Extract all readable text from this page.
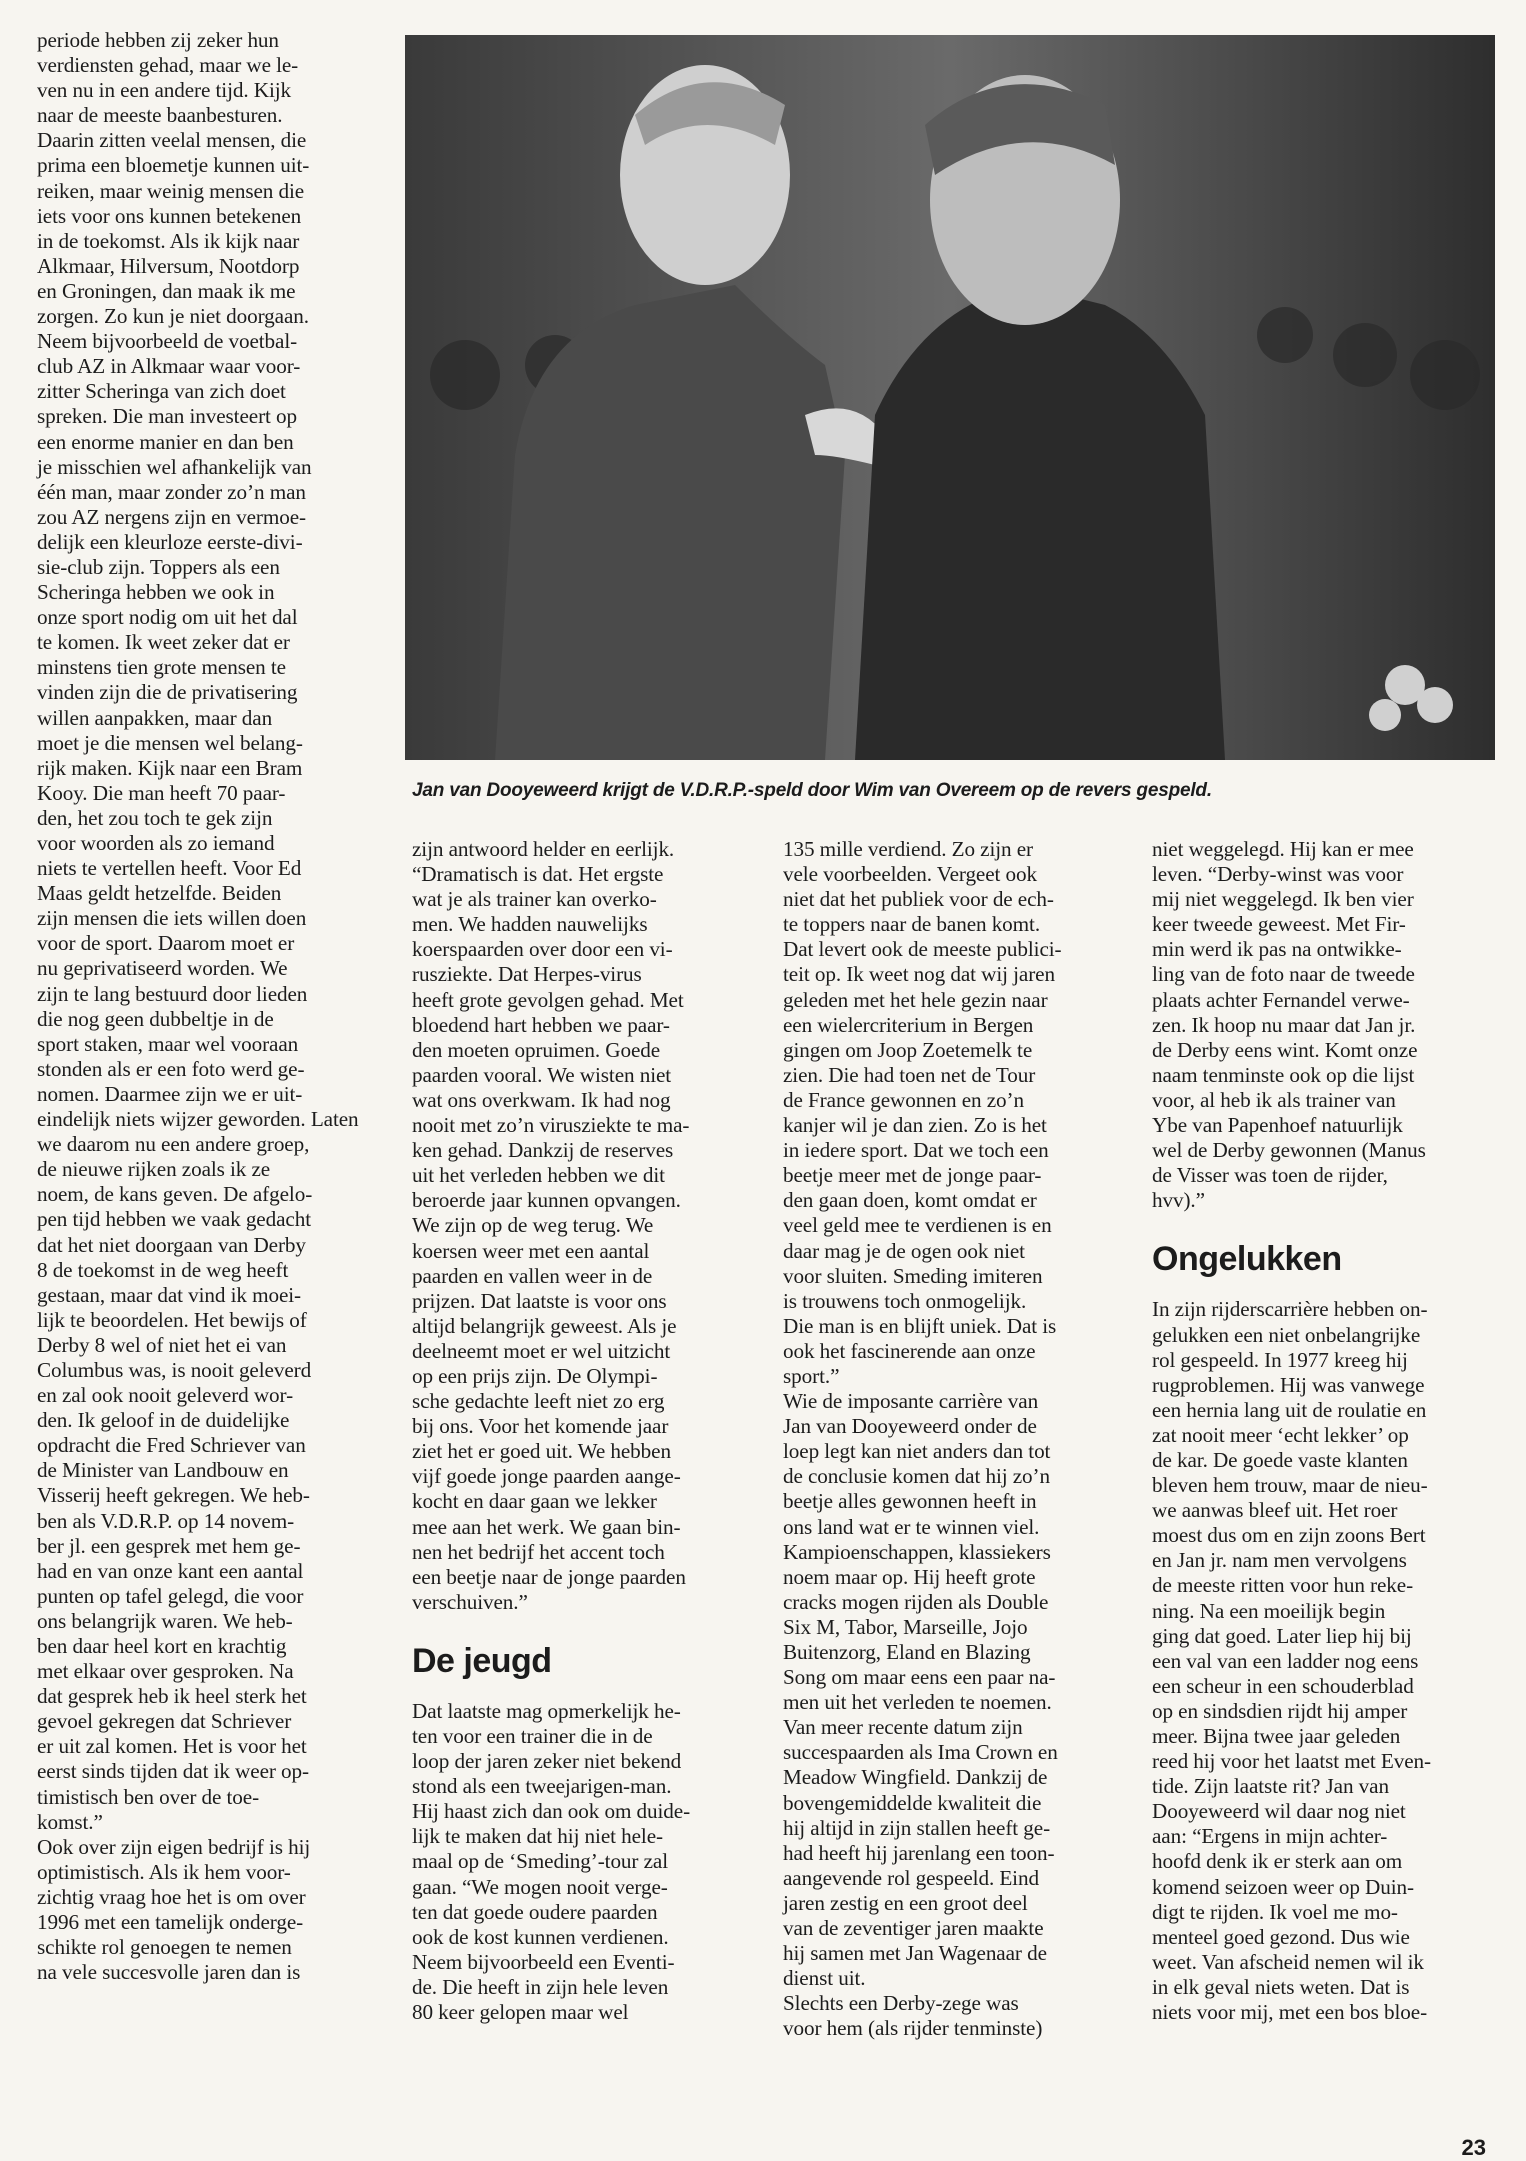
periode hebben zij zeker hun

verdiensten gehad, maar we le-

ven nu in een andere tijd. Kijk

naar de meeste baanbesturen.

Daarin zitten veelal mensen, die

prima een bloemetje kunnen uit-

reiken, maar weinig mensen die

iets voor ons kunnen betekenen

in de toekomst. Als ik kijk naar

Alkmaar, Hilversum, Nootdorp

en Groningen, dan maak ik me

zorgen. Zo kun je niet doorgaan.

Neem bijvoorbeeld de voetbal-

club AZ in Alkmaar waar voor-

zitter Scheringa van zich doet

spreken. Die man investeert op

een enorme manier en dan ben

je misschien wel afhankelijk van

één man, maar zonder zo’n man

zou AZ nergens zijn en vermoe-

delijk een kleurloze eerste-divi-

sie-club zijn. Toppers als een

Scheringa hebben we ook in

onze sport nodig om uit het dal

te komen. Ik weet zeker dat er

minstens tien grote mensen te

vinden zijn die de privatisering

willen aanpakken, maar dan

moet je die mensen wel belang-

rijk maken. Kijk naar een Bram

Kooy. Die man heeft 70 paar-

den, het zou toch te gek zijn

voor woorden als zo iemand

niets te vertellen heeft. Voor Ed

Maas geldt hetzelfde. Beiden

zijn mensen die iets willen doen

voor de sport. Daarom moet er

nu geprivatiseerd worden. We

zijn te lang bestuurd door lieden

die nog geen dubbeltje in de

sport staken, maar wel vooraan

stonden als er een foto werd ge-

nomen. Daarmee zijn we er uit-

eindelijk niets wijzer geworden. Laten

we daarom nu een andere groep,

de nieuwe rijken zoals ik ze

noem, de kans geven. De afgelo-

pen tijd hebben we vaak gedacht

dat het niet doorgaan van Derby

8 de toekomst in de weg heeft

gestaan, maar dat vind ik moei-

lijk te beoordelen. Het bewijs of

Derby 8 wel of niet het ei van

Columbus was, is nooit geleverd

en zal ook nooit geleverd wor-

den. Ik geloof in de duidelijke

opdracht die Fred Schriever van

de Minister van Landbouw en

Visserij heeft gekregen. We heb-

ben als V.D.R.P. op 14 novem-

ber jl. een gesprek met hem ge-

had en van onze kant een aantal

punten op tafel gelegd, die voor

ons belangrijk waren. We heb-

ben daar heel kort en krachtig

met elkaar over gesproken. Na

dat gesprek heb ik heel sterk het

gevoel gekregen dat Schriever

er uit zal komen. Het is voor het

eerst sinds tijden dat ik weer op-

timistisch ben over de toe-

komst.”

Ook over zijn eigen bedrijf is hij

optimistisch. Als ik hem voor-

zichtig vraag hoe het is om over

1996 met een tamelijk onderge-

schikte rol genoegen te nemen

na vele succesvolle jaren dan is

Jan van Dooyeweerd krijgt de V.D.R.P.-speld door Wim van Overeem op de revers gespeld.

zijn antwoord helder en eerlijk.

“Dramatisch is dat. Het ergste

wat je als trainer kan overko-

men. We hadden nauwelijks

koerspaarden over door een vi-

rusziekte. Dat Herpes-virus

heeft grote gevolgen gehad. Met

bloedend hart hebben we paar-

den moeten opruimen. Goede

paarden vooral. We wisten niet

wat ons overkwam. Ik had nog

nooit met zo’n virusziekte te ma-

ken gehad. Dankzij de reserves

uit het verleden hebben we dit

beroerde jaar kunnen opvangen.

We zijn op de weg terug. We

koersen weer met een aantal

paarden en vallen weer in de

prijzen. Dat laatste is voor ons

altijd belangrijk geweest. Als je

deelneemt moet er wel uitzicht

op een prijs zijn. De Olympi-

sche gedachte leeft niet zo erg

bij ons. Voor het komende jaar

ziet het er goed uit. We hebben

vijf goede jonge paarden aange-

kocht en daar gaan we lekker

mee aan het werk. We gaan bin-

nen het bedrijf het accent toch

een beetje naar de jonge paarden

verschuiven.”

De jeugd

Dat laatste mag opmerkelijk he-

ten voor een trainer die in de

loop der jaren zeker niet bekend

stond als een tweejarigen-man.

Hij haast zich dan ook om duide-

lijk te maken dat hij niet hele-

maal op de ‘Smeding’-tour zal

gaan. “We mogen nooit verge-

ten dat goede oudere paarden

ook de kost kunnen verdienen.

Neem bijvoorbeeld een Eventi-

de. Die heeft in zijn hele leven

80 keer gelopen maar wel

135 mille verdiend. Zo zijn er

vele voorbeelden. Vergeet ook

niet dat het publiek voor de ech-

te toppers naar de banen komt.

Dat levert ook de meeste publici-

teit op. Ik weet nog dat wij jaren

geleden met het hele gezin naar

een wielercriterium in Bergen

gingen om Joop Zoetemelk te

zien. Die had toen net de Tour

de France gewonnen en zo’n

kanjer wil je dan zien. Zo is het

in iedere sport. Dat we toch een

beetje meer met de jonge paar-

den gaan doen, komt omdat er

veel geld mee te verdienen is en

daar mag je de ogen ook niet

voor sluiten. Smeding imiteren

is trouwens toch onmogelijk.

Die man is en blijft uniek. Dat is

ook het fascinerende aan onze

sport.”

Wie de imposante carrière van

Jan van Dooyeweerd onder de

loep legt kan niet anders dan tot

de conclusie komen dat hij zo’n

beetje alles gewonnen heeft in

ons land wat er te winnen viel.

Kampioenschappen, klassiekers

noem maar op. Hij heeft grote

cracks mogen rijden als Double

Six M, Tabor, Marseille, Jojo

Buitenzorg, Eland en Blazing

Song om maar eens een paar na-

men uit het verleden te noemen.

Van meer recente datum zijn

succespaarden als Ima Crown en

Meadow Wingfield. Dankzij de

bovengemiddelde kwaliteit die

hij altijd in zijn stallen heeft ge-

had heeft hij jarenlang een toon-

aangevende rol gespeeld. Eind

jaren zestig en een groot deel

van de zeventiger jaren maakte

hij samen met Jan Wagenaar de

dienst uit.

Slechts een Derby-zege was

voor hem (als rijder tenminste)

niet weggelegd. Hij kan er mee

leven. “Derby-winst was voor

mij niet weggelegd. Ik ben vier

keer tweede geweest. Met Fir-

min werd ik pas na ontwikke-

ling van de foto naar de tweede

plaats achter Fernandel verwe-

zen. Ik hoop nu maar dat Jan jr.

de Derby eens wint. Komt onze

naam tenminste ook op die lijst

voor, al heb ik als trainer van

Ybe van Papenhoef natuurlijk

wel de Derby gewonnen (Manus

de Visser was toen de rijder,

hvv).”

Ongelukken

In zijn rijderscarrière hebben on-

gelukken een niet onbelangrijke

rol gespeeld. In 1977 kreeg hij

rugproblemen. Hij was vanwege

een hernia lang uit de roulatie en

zat nooit meer ‘echt lekker’ op

de kar. De goede vaste klanten

bleven hem trouw, maar de nieu-

we aanwas bleef uit. Het roer

moest dus om en zijn zoons Bert

en Jan jr. nam men vervolgens

de meeste ritten voor hun reke-

ning. Na een moeilijk begin

ging dat goed. Later liep hij bij

een val van een ladder nog eens

een scheur in een schouderblad

op en sindsdien rijdt hij amper

meer. Bijna twee jaar geleden

reed hij voor het laatst met Even-

tide. Zijn laatste rit? Jan van

Dooyeweerd wil daar nog niet

aan: “Ergens in mijn achter-

hoofd denk ik er sterk aan om

komend seizoen weer op Duin-

digt te rijden. Ik voel me mo-

menteel goed gezond. Dus wie

weet. Van afscheid nemen wil ik

in elk geval niets weten. Dat is

niets voor mij, met een bos bloe-

23
